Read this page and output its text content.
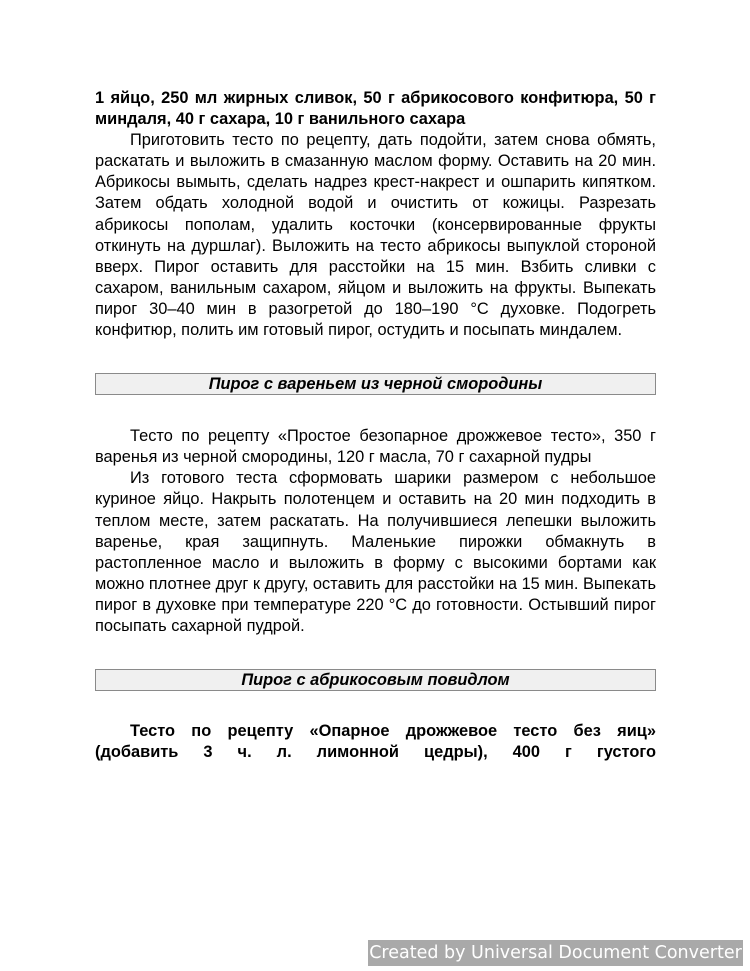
1 яйцо, 250 мл жирных сливок, 50 г абрикосового конфитюра, 50 г миндаля, 40 г сахара, 10 г ванильного сахара

Приготовить тесто по рецепту, дать подойти, затем снова обмять, раскатать и выложить в смазанную маслом форму. Оставить на 20 мин. Абрикосы вымыть, сделать надрез крест-накрест и ошпарить кипятком. Затем обдать холодной водой и очистить от кожицы. Разрезать абрикосы пополам, удалить косточки (консервированные фрукты откинуть на дуршлаг). Выложить на тесто абрикосы выпуклой стороной вверх. Пирог оставить для расстойки на 15 мин. Взбить сливки с сахаром, ванильным сахаром, яйцом и выложить на фрукты. Выпекать пирог 30–40 мин в разогретой до 180–190 °С духовке. Подогреть конфитюр, полить им готовый пирог, остудить и посыпать миндалем.

Пирог с вареньем из черной смородины

Тесто по рецепту «Простое безопарное дрожжевое тесто», 350 г варенья из черной смородины, 120 г масла, 70 г сахарной пудры

Из готового теста сформовать шарики размером с небольшое куриное яйцо. Накрыть полотенцем и оставить на 20 мин подходить в теплом месте, затем раскатать. На получившиеся лепешки выложить варенье, края защипнуть. Маленькие пирожки обмакнуть в растопленное масло и выложить в форму с высокими бортами как можно плотнее друг к другу, оставить для расстойки на 15 мин. Выпекать пирог в духовке при температуре 220 °С до готовности. Остывший пирог посыпать сахарной пудрой.

Пирог с абрикосовым повидлом

Тесто по рецепту «Опарное дрожжевое тесто без яиц» (добавить 3 ч. л. лимонной цедры), 400 г густого

Created by Universal Document Converter
